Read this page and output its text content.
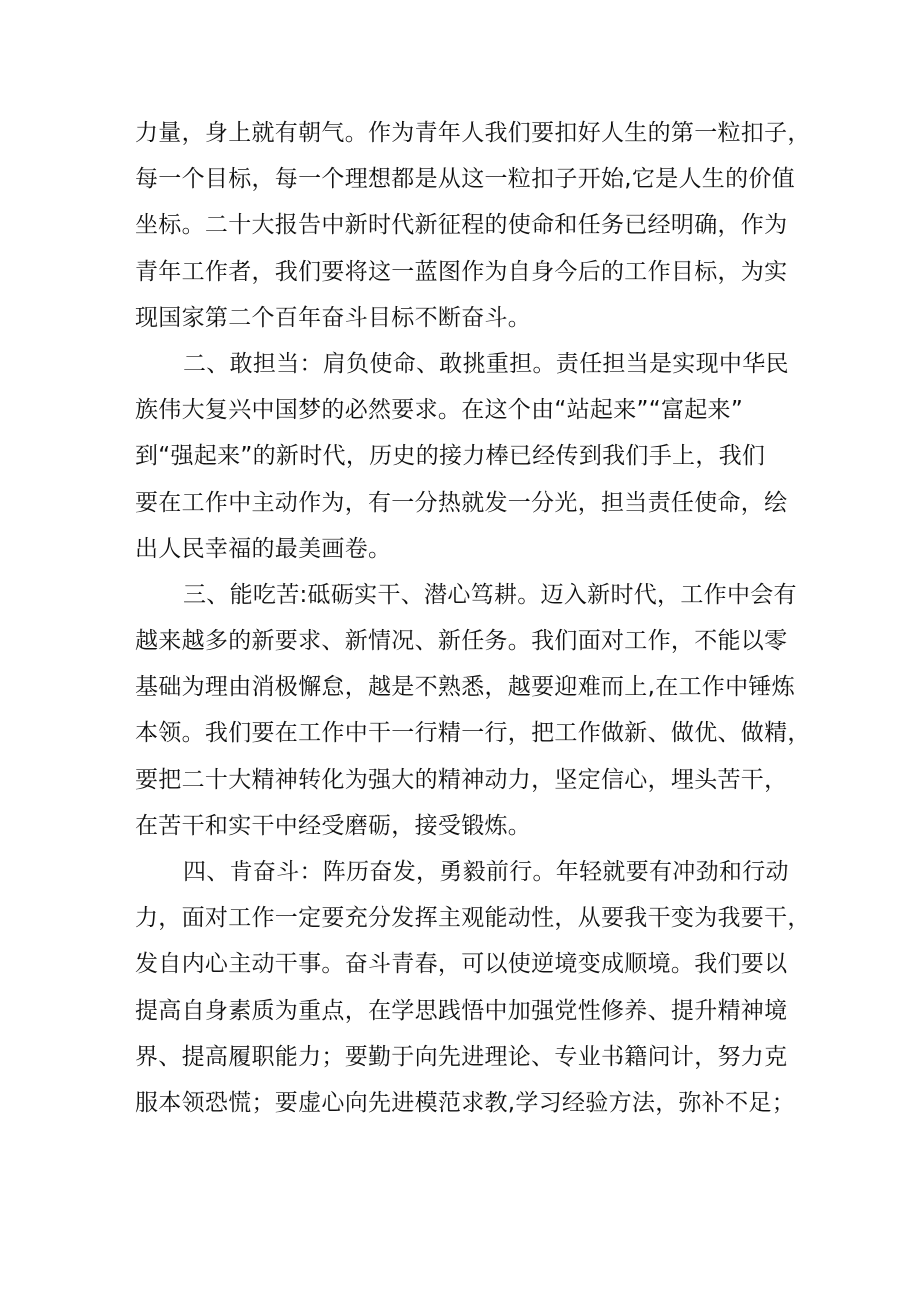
力量，身上就有朝气。作为青年人我们要扣好人生的第一粒扣子，

每一个目标，每一个理想都是从这一粒扣子开始,它是人生的价值

坐标。二十大报告中新时代新征程的使命和任务已经明确，作为

青年工作者，我们要将这一蓝图作为自身今后的工作目标，为实

现国家第二个百年奋斗目标不断奋斗。

二、敢担当：肩负使命、敢挑重担。责任担当是实现中华民

族伟大复兴中国梦的必然要求。在这个由“站起来”“富起来”

到“强起来”的新时代，历史的接力棒已经传到我们手上，我们

要在工作中主动作为，有一分热就发一分光，担当责任使命，绘

出人民幸福的最美画卷。

三、能吃苦:砥砺实干、潜心笃耕。迈入新时代，工作中会有

越来越多的新要求、新情况、新任务。我们面对工作，不能以零

基础为理由消极懈怠，越是不熟悉，越要迎难而上,在工作中锤炼

本领。我们要在工作中干一行精一行，把工作做新、做优、做精，

要把二十大精神转化为强大的精神动力，坚定信心，埋头苦干，

在苦干和实干中经受磨砺，接受锻炼。

四、肯奋斗：阵历奋发，勇毅前行。年轻就要有冲劲和行动

力，面对工作一定要充分发挥主观能动性，从要我干变为我要干，

发自内心主动干事。奋斗青春，可以使逆境变成顺境。我们要以

提高自身素质为重点，在学思践悟中加强党性修养、提升精神境

界、提高履职能力；要勤于向先进理论、专业书籍问计，努力克

服本领恐慌；要虚心向先进模范求教,学习经验方法，弥补不足；
